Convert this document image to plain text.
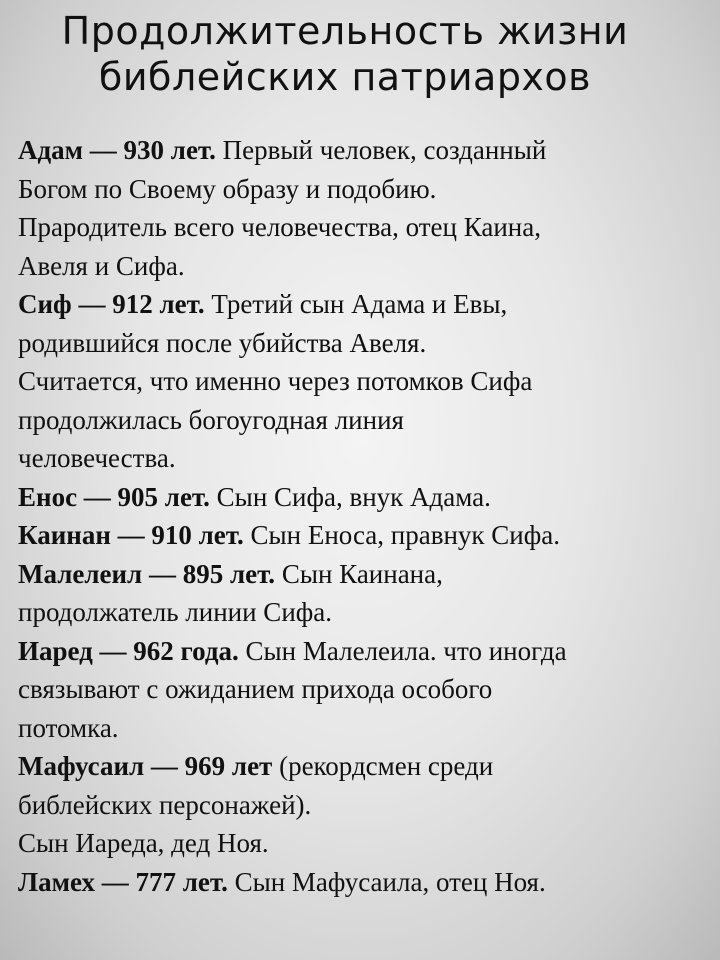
Продолжительность жизни
библейских патриархов
Адам — 930 лет. Первый человек, созданный
Богом по Своему образу и подобию.
Прародитель всего человечества, отец Каина,
Авеля и Сифа.
Сиф — 912 лет. Третий сын Адама и Евы,
родившийся после убийства Авеля.
Считается, что именно через потомков Сифа
продолжилась богоугодная линия
человечества.
Енос — 905 лет. Сын Сифа, внук Адама.
Каинан — 910 лет. Сын Еноса, правнук Сифа.
Малелеил — 895 лет. Сын Каинана,
продолжатель линии Сифа.
Иаред — 962 года. Сын Малелеила. что иногда
связывают с ожиданием прихода особого
потомка.
Мафусаил — 969 лет (рекордсмен среди
библейских персонажей).
Сын Иареда, дед Ноя.
Ламех — 777 лет. Сын Мафусаила, отец Ноя.
